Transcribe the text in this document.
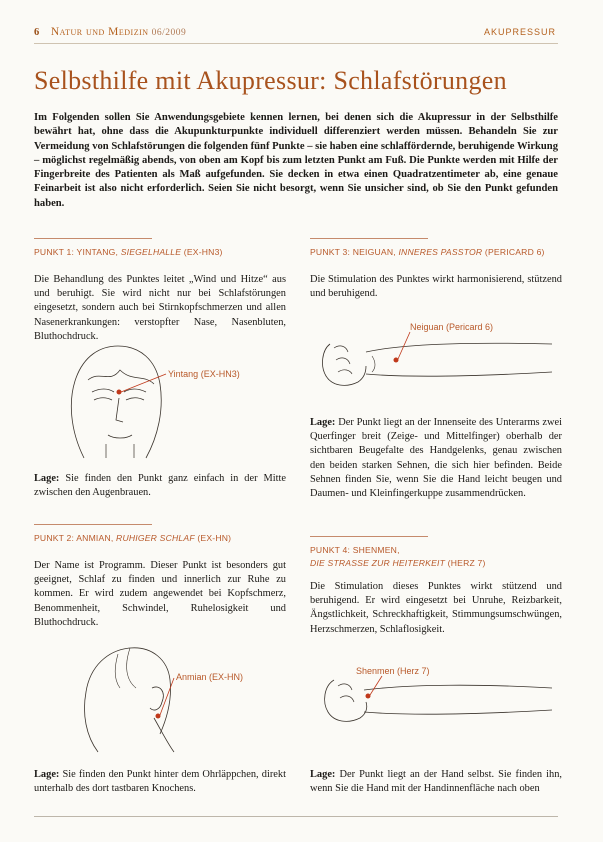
6 Natur und Medizin 06/2009	AKUPRESSUR
Selbsthilfe mit Akupressur: Schlafstörungen

Im Folgenden sollen Sie Anwendungsgebiete kennen lernen, bei denen sich die Akupressur in der Selbsthilfe bewährt hat, ohne dass die Akupunkturpunkte individuell differenziert werden müssen. Behandeln Sie zur Vermeidung von Schlafstörungen die folgenden fünf Punkte – sie haben eine schlaffördernde, beruhigende Wirkung – möglichst regelmäßig abends, von oben am Kopf bis zum letzten Punkt am Fuß. Die Punkte werden mit Hilfe der Fingerbreite des Patienten als Maß aufgefunden. Sie decken in etwa einen Quadratzentimeter ab, eine genaue Feinarbeit ist also nicht erforderlich. Seien Sie nicht besorgt, wenn Sie unsicher sind, ob Sie den Punkt gefunden haben.

PUNKT 1: YINTANG, SIEGELHALLE (EX-HN3)

Die Behandlung des Punktes leitet „Wind und Hitze“ aus und beruhigt. Sie wird nicht nur bei Schlafstörungen eingesetzt, sondern auch bei Stirnkopfschmerzen und allen Nasenerkrankungen: verstopfter Nase, Nasenbluten, Bluthochdruck.

Yintang (EX-HN3)

Lage: Sie finden den Punkt ganz einfach in der Mitte zwischen den Augenbrauen.

PUNKT 2: ANMIAN, RUHIGER SCHLAF (EX-HN)

Der Name ist Programm. Dieser Punkt ist besonders gut geeignet, Schlaf zu finden und innerlich zur Ruhe zu kommen. Er wird zudem angewendet bei Kopfschmerz, Benommenheit, Schwindel, Ruhelosigkeit und Bluthochdruck.

Anmian (EX-HN)

Lage: Sie finden den Punkt hinter dem Ohrläppchen, direkt unterhalb des dort tastbaren Knochens.

PUNKT 3: NEIGUAN, INNERES PASSTOR (PERICARD 6)

Die Stimulation des Punktes wirkt harmonisierend, stützend und beruhigend.

Neiguan (Pericard 6)

Lage: Der Punkt liegt an der Innenseite des Unterarms zwei Querfinger breit (Zeige- und Mittelfinger) oberhalb der sichtbaren Beugefalte des Handgelenks, genau zwischen den beiden starken Sehnen, die sich hier befinden. Beide Sehnen finden Sie, wenn Sie die Hand leicht beugen und Daumen- und Kleinfingerkuppe zusammendrücken.

PUNKT 4: SHENMEN,
DIE STRASSE ZUR HEITERKEIT (HERZ 7)

Die Stimulation dieses Punktes wirkt stützend und beruhigend. Er wird eingesetzt bei Unruhe, Reizbarkeit, Ängstlichkeit, Schreckhaftigkeit, Stimmungsumschwüngen, Herzschmerzen, Schlaflosigkeit.

Shenmen (Herz 7)

Lage: Der Punkt liegt an der Hand selbst. Sie finden ihn, wenn Sie die Hand mit der Handinnenfläche nach oben
